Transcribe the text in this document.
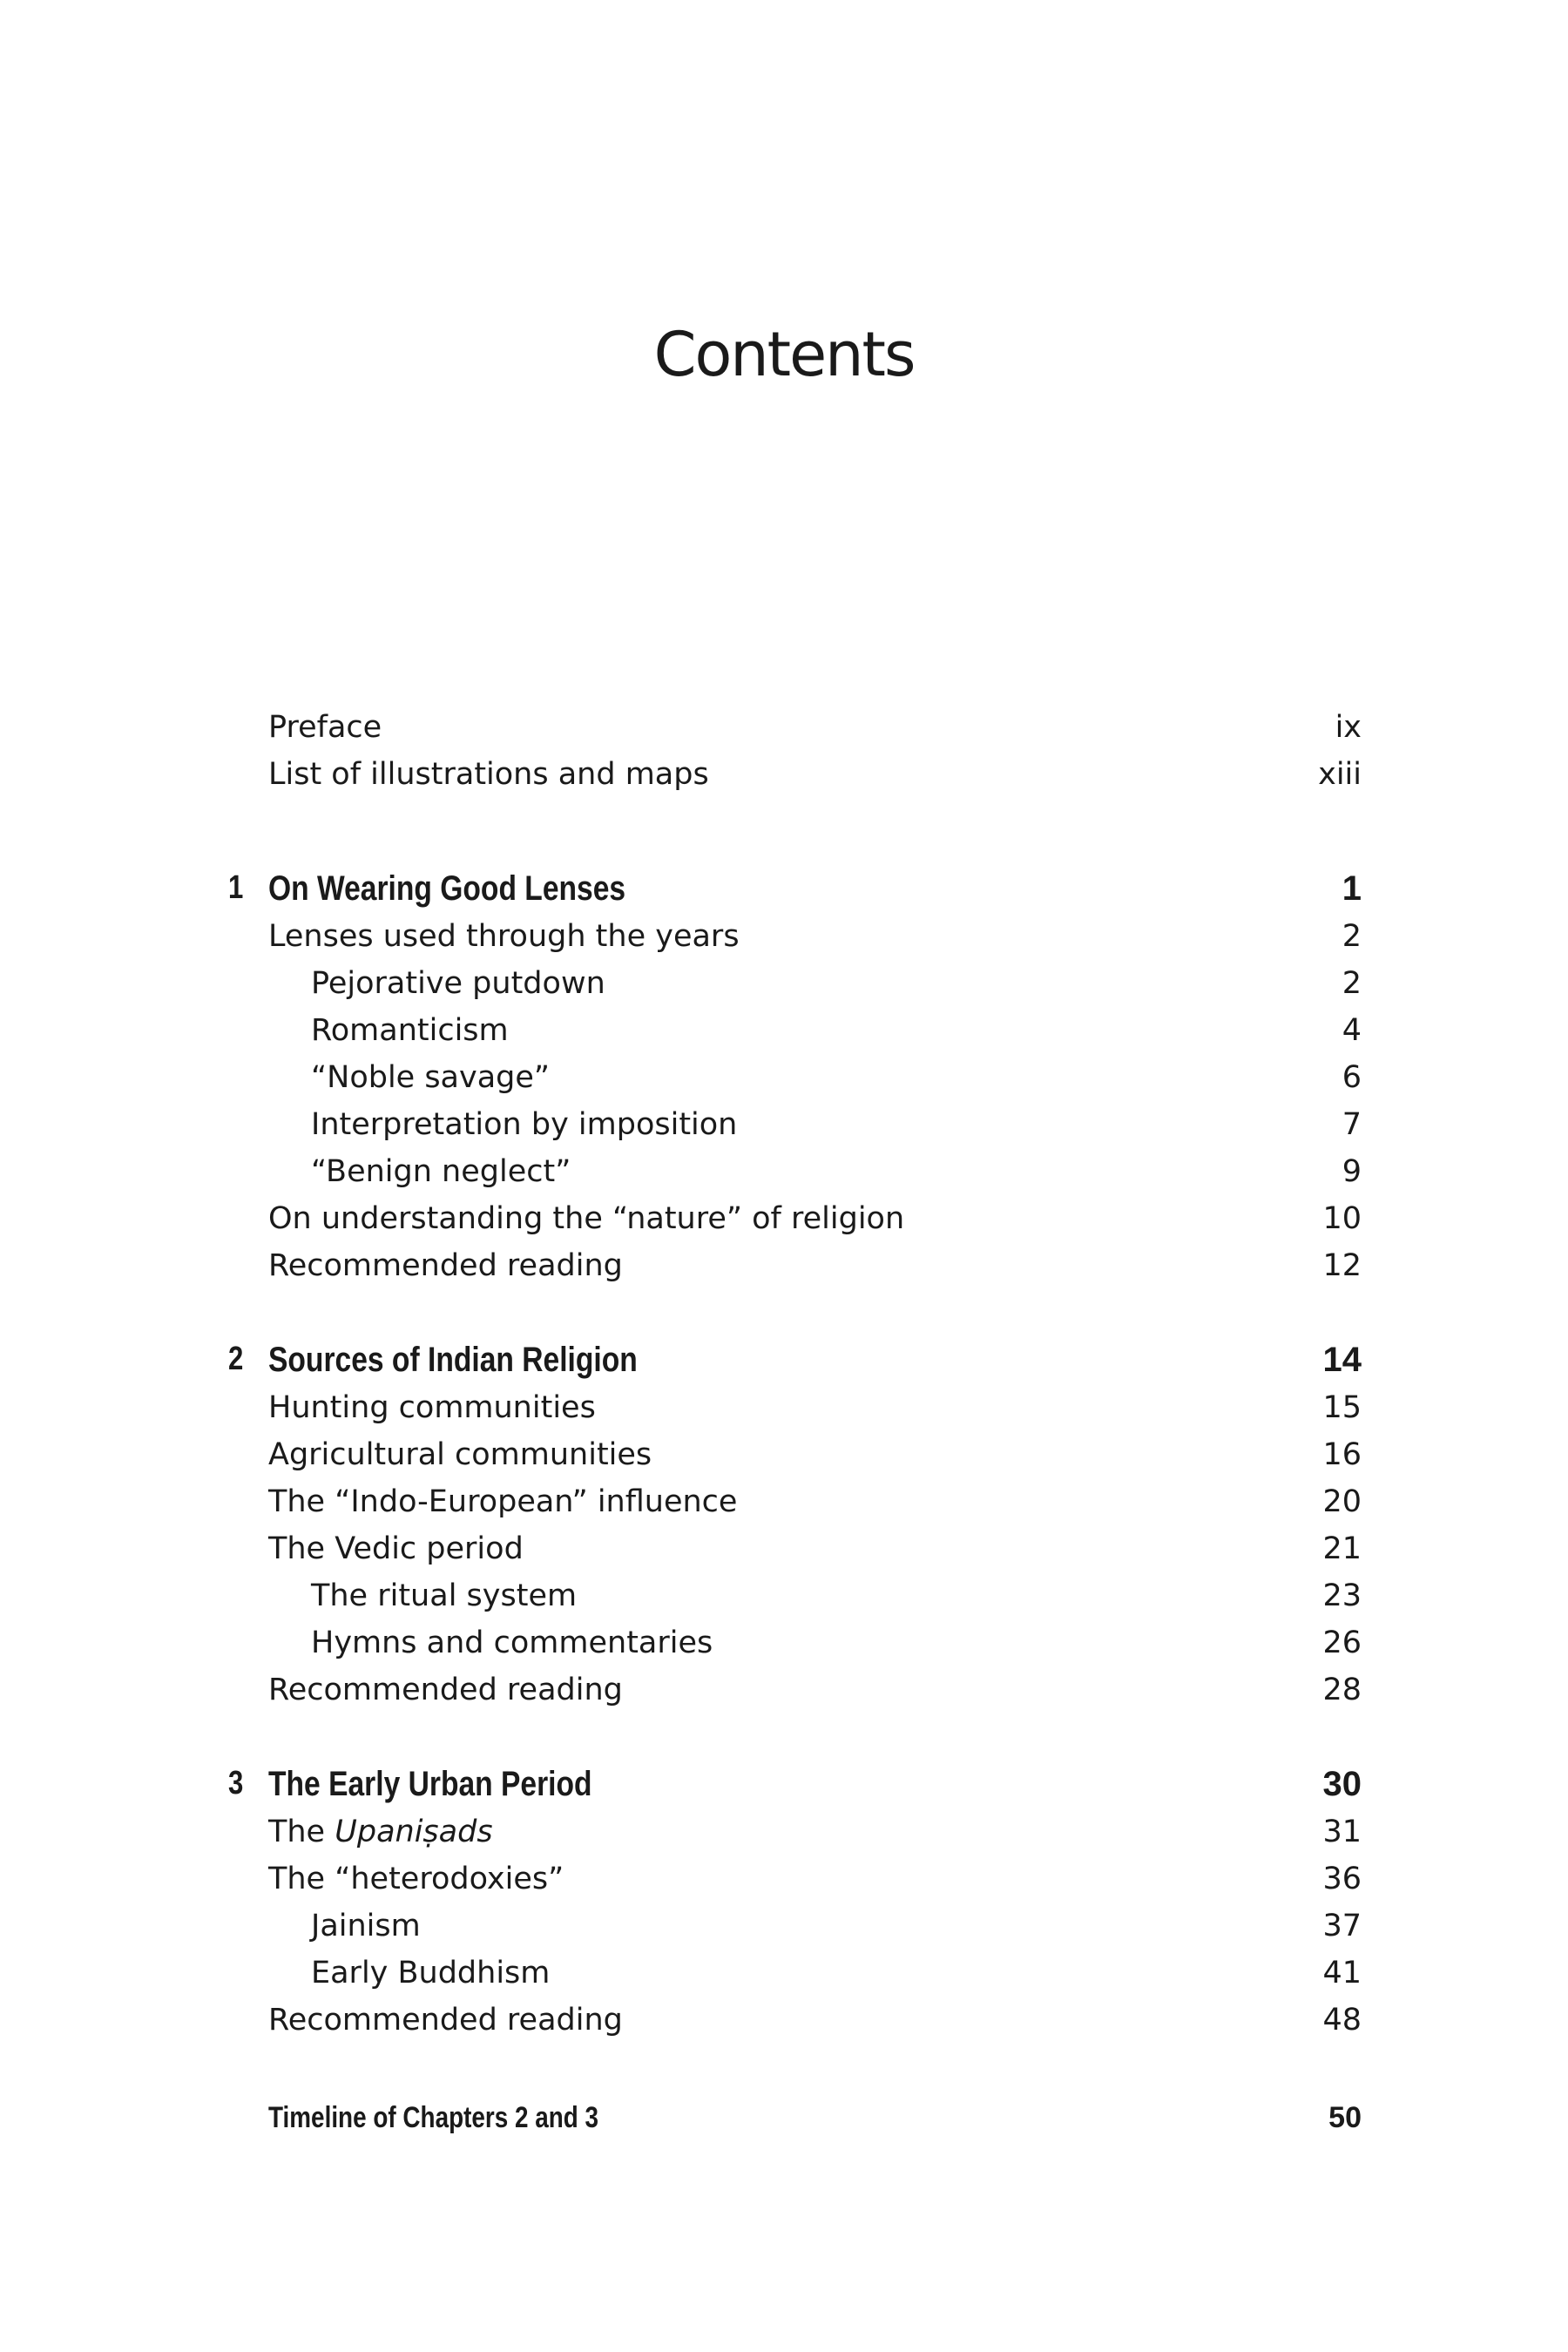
Contents
Preface	ix
List of illustrations and maps	xiii
1 On Wearing Good Lenses	1
Lenses used through the years	2
Pejorative putdown	2
Romanticism	4
“Noble savage”	6
Interpretation by imposition	7
“Benign neglect”	9
On understanding the “nature” of religion	10
Recommended reading	12
2 Sources of Indian Religion	14
Hunting communities	15
Agricultural communities	16
The “Indo-European” influence	20
The Vedic period	21
The ritual system	23
Hymns and commentaries	26
Recommended reading	28
3 The Early Urban Period	30
The Upaniṣads	31
The “heterodoxies”	36
Jainism	37
Early Buddhism	41
Recommended reading	48
Timeline of Chapters 2 and 3	50
